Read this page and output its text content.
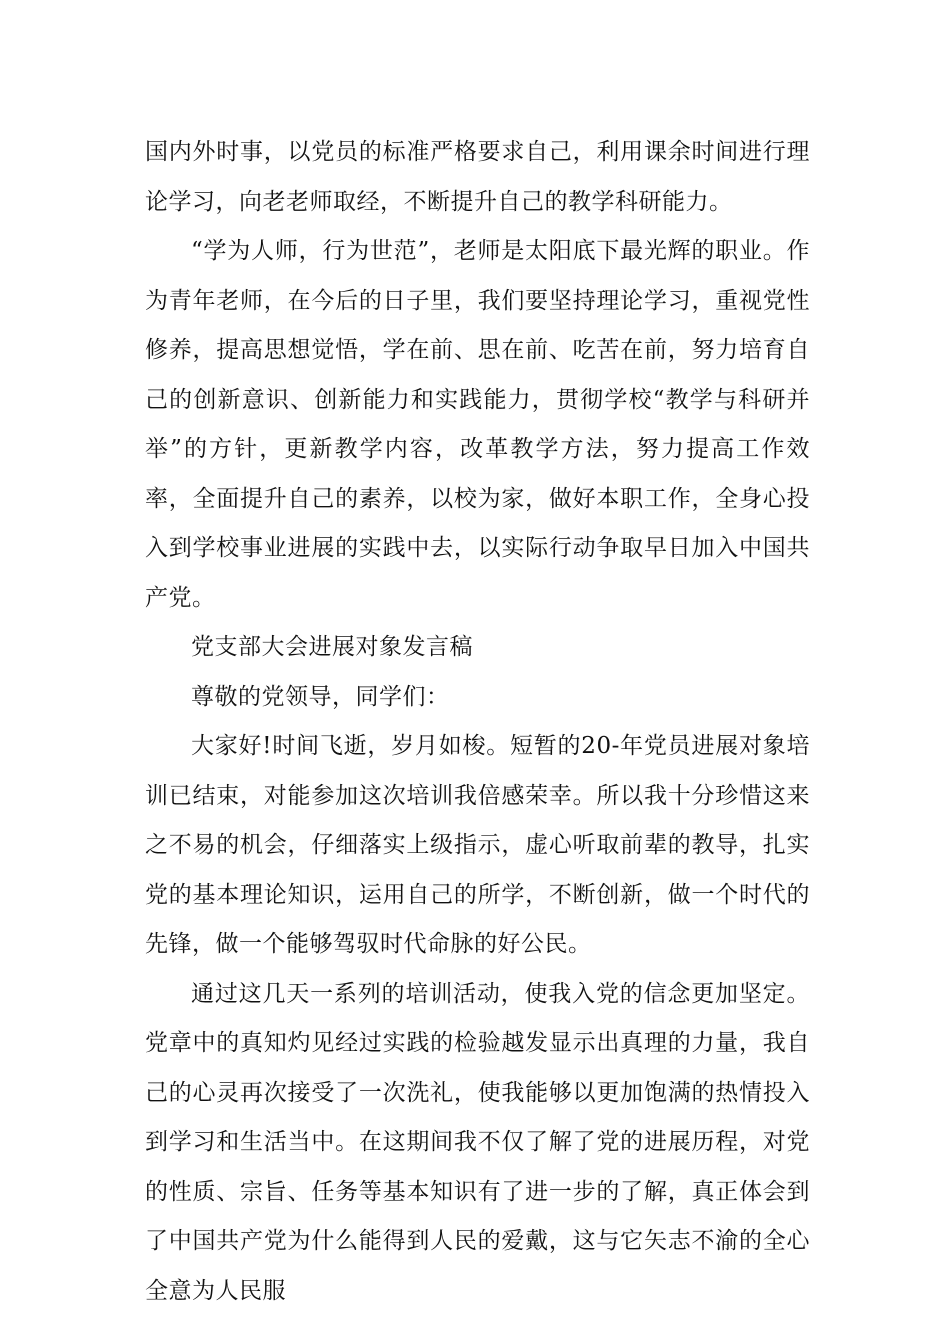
国内外时事，以党员的标准严格要求自己，利用课余时间进行理论学习，向老老师取经，不断提升自己的教学科研能力。

“学为人师，行为世范”，老师是太阳底下最光辉的职业。作为青年老师，在今后的日子里，我们要坚持理论学习，重视党性修养，提高思想觉悟，学在前、思在前、吃苦在前，努力培育自己的创新意识、创新能力和实践能力，贯彻学校“教学与科研并举”的方针，更新教学内容，改革教学方法，努力提高工作效率，全面提升自己的素养，以校为家，做好本职工作，全身心投入到学校事业进展的实践中去，以实际行动争取早日加入中国共产党。

党支部大会进展对象发言稿

尊敬的党领导，同学们：

大家好!时间飞逝，岁月如梭。短暂的20-年党员进展对象培训已结束，对能参加这次培训我倍感荣幸。所以我十分珍惜这来之不易的机会，仔细落实上级指示，虚心听取前辈的教导，扎实党的基本理论知识，运用自己的所学，不断创新，做一个时代的先锋，做一个能够驾驭时代命脉的好公民。

通过这几天一系列的培训活动，使我入党的信念更加坚定。党章中的真知灼见经过实践的检验越发显示出真理的力量，我自己的心灵再次接受了一次洗礼，使我能够以更加饱满的热情投入到学习和生活当中。在这期间我不仅了解了党的进展历程，对党的性质、宗旨、任务等基本知识有了进一步的了解，真正体会到了中国共产党为什么能得到人民的爱戴，这与它矢志不渝的全心全意为人民服
